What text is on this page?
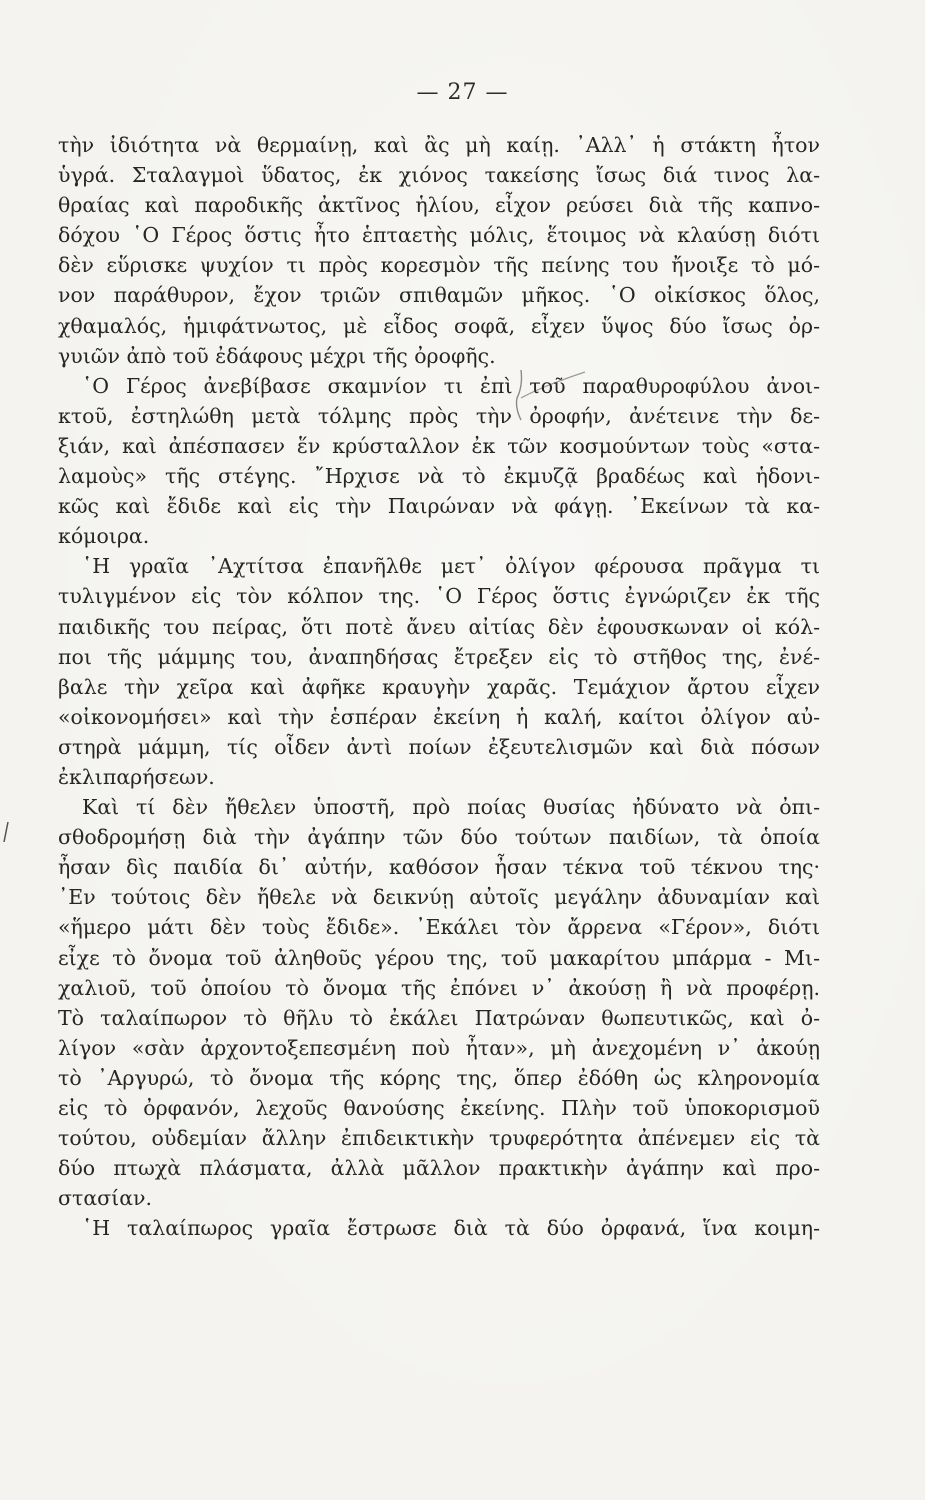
— 27 —
τὴν ἰδιότητα νὰ θερμαίνῃ, καὶ ἂς μὴ καίῃ. ᾿Αλλ᾿ ἡ στάκτη ἦτον
ὑγρά. Σταλαγμοὶ ὕδατος, ἐκ χιόνος τακείσης ἴσως διά τινος λα-
θραίας καὶ παροδικῆς ἀκτῖνος ἡλίου, εἶχον ρεύσει διὰ τῆς καπνο-
δόχου ῾Ο Γέρος ὅστις ἦτο ἑπταετὴς μόλις, ἕτοιμος νὰ κλαύσῃ διότι
δὲν εὕρισκε ψυχίον τι πρὸς κορεσμὸν τῆς πείνης του ἤνοιξε τὸ μό-
νον παράθυρον, ἔχον τριῶν σπιθαμῶν μῆκος. ῾Ο οἰκίσκος ὅλος,
χθαμαλός, ἡμιφάτνωτος, μὲ εἶδος σοφᾶ, εἶχεν ὕψος δύο ἴσως ὀρ-
γυιῶν ἀπὸ τοῦ ἐδάφους μέχρι τῆς ὀροφῆς.
῾Ο Γέρος ἀνεβίβασε σκαμνίον τι ἐπὶ τοῦ παραθυροφύλου ἀνοι-
κτοῦ, ἐστηλώθη μετὰ τόλμης πρὸς τὴν ὀροφήν, ἀνέτεινε τὴν δε-
ξιάν, καὶ ἀπέσπασεν ἕν κρύσταλλον ἐκ τῶν κοσμούντων τοὺς «στα-
λαμοὺς» τῆς στέγης. ῎Ηρχισε νὰ τὸ ἐκμυζᾷ βραδέως καὶ ἡδονι-
κῶς καὶ ἔδιδε καὶ εἰς τὴν Παιρώναν νὰ φάγῃ. ᾿Εκείνων τὰ κα-
κόμοιρα.
῾Η γραῖα ᾿Αχτίτσα ἐπανῆλθε μετ᾿ ὀλίγον φέρουσα πρᾶγμα τι
τυλιγμένον εἰς τὸν κόλπον της. ῾Ο Γέρος ὅστις ἐγνώριζεν ἐκ τῆς
παιδικῆς του πείρας, ὅτι ποτὲ ἄνευ αἰτίας δὲν ἐφουσκωναν οἱ κόλ-
ποι τῆς μάμμης του, ἀναπηδήσας ἔτρεξεν εἰς τὸ στῆθος της, ἐνέ-
βαλε τὴν χεῖρα καὶ ἀφῆκε κραυγὴν χαρᾶς. Τεμάχιον ἄρτου εἶχεν
«οἰκονομήσει» καὶ τὴν ἑσπέραν ἐκείνη ἡ καλή, καίτοι ὀλίγον αὐ-
στηρὰ μάμμη, τίς οἶδεν ἀντὶ ποίων ἐξευτελισμῶν καὶ διὰ πόσων
ἐκλιπαρήσεων.
Καὶ τί δὲν ἤθελεν ὑποστῆ, πρὸ ποίας θυσίας ἠδύνατο νὰ ὀπι-
σθοδρομήσῃ διὰ τὴν ἀγάπην τῶν δύο τούτων παιδίων, τὰ ὁποία
ἦσαν δὶς παιδία δι᾿ αὐτήν, καθόσον ἦσαν τέκνα τοῦ τέκνου της·
᾿Εν τούτοις δὲν ἤθελε νὰ δεικνύῃ αὐτοῖς μεγάλην ἀδυναμίαν καὶ
«ἥμερο μάτι δὲν τοὺς ἔδιδε». ᾿Εκάλει τὸν ἄρρενα «Γέρον», διότι
εἶχε τὸ ὄνομα τοῦ ἀληθοῦς γέρου της, τοῦ μακαρίτου μπάρμα - Μι-
χαλιοῦ, τοῦ ὁποίου τὸ ὄνομα τῆς ἐπόνει ν᾿ ἀκούσῃ ἢ νὰ προφέρῃ.
Τὸ ταλαίπωρον τὸ θῆλυ τὸ ἐκάλει Πατρώναν θωπευτικῶς, καὶ ὀ-
λίγον «σὰν ἀρχοντοξεπεσμένη ποὺ ἦταν», μὴ ἀνεχομένη ν᾿ ἀκούῃ
τὸ ᾿Αργυρώ, τὸ ὄνομα τῆς κόρης της, ὅπερ ἐδόθη ὡς κληρονομία
εἰς τὸ ὀρφανόν, λεχοῦς θανούσης ἐκείνης. Πλὴν τοῦ ὑποκορισμοῦ
τούτου, οὐδεμίαν ἄλλην ἐπιδεικτικὴν τρυφερότητα ἀπένεμεν εἰς τὰ
δύο πτωχὰ πλάσματα, ἀλλὰ μᾶλλον πρακτικὴν ἀγάπην καὶ προ-
στασίαν.
῾Η ταλαίπωρος γραῖα ἔστρωσε διὰ τὰ δύο ὀρφανά, ἵνα κοιμη-
